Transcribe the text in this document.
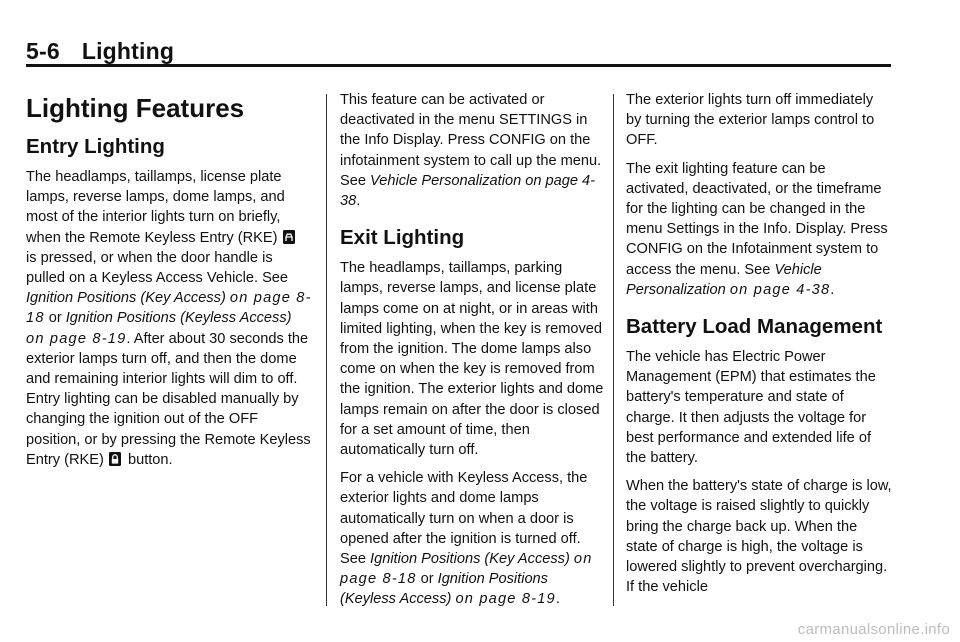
5-6 Lighting
Lighting Features
Entry Lighting

The headlamps, taillamps, license plate lamps, reverse lamps, dome lamps, and most of the interior lights turn on briefly, when the Remote Keyless Entry (RKE)  is pressed, or when the door handle is pulled on a Keyless Access Vehicle. See Ignition Positions (Key Access) on page 8-18 or Ignition Positions (Keyless Access) on page 8-19. After about 30 seconds the exterior lamps turn off, and then the dome and remaining interior lights will dim to off. Entry lighting can be disabled manually by changing the ignition out of the OFF position, or by pressing the Remote Keyless Entry (RKE) button.

This feature can be activated or deactivated in the menu SETTINGS in the Info Display. Press CONFIG on the infotainment system to call up the menu. See Vehicle Personalization on page 4-38.

Exit Lighting

The headlamps, taillamps, parking lamps, reverse lamps, and license plate lamps come on at night, or in areas with limited lighting, when the key is removed from the ignition. The dome lamps also come on when the key is removed from the ignition. The exterior lights and dome lamps remain on after the door is closed for a set amount of time, then automatically turn off.

For a vehicle with Keyless Access, the exterior lights and dome lamps automatically turn on when a door is opened after the ignition is turned off. See Ignition Positions (Key Access) on page 8-18 or Ignition Positions (Keyless Access) on page 8-19.

The exterior lights turn off immediately by turning the exterior lamps control to OFF.

The exit lighting feature can be activated, deactivated, or the timeframe for the lighting can be changed in the menu Settings in the Info. Display. Press CONFIG on the Infotainment system to access the menu. See Vehicle Personalization on page 4-38.

Battery Load Management

The vehicle has Electric Power Management (EPM) that estimates the battery's temperature and state of charge. It then adjusts the voltage for best performance and extended life of the battery.

When the battery's state of charge is low, the voltage is raised slightly to quickly bring the charge back up. When the state of charge is high, the voltage is lowered slightly to prevent overcharging. If the vehicle

carmanualsonline.info
